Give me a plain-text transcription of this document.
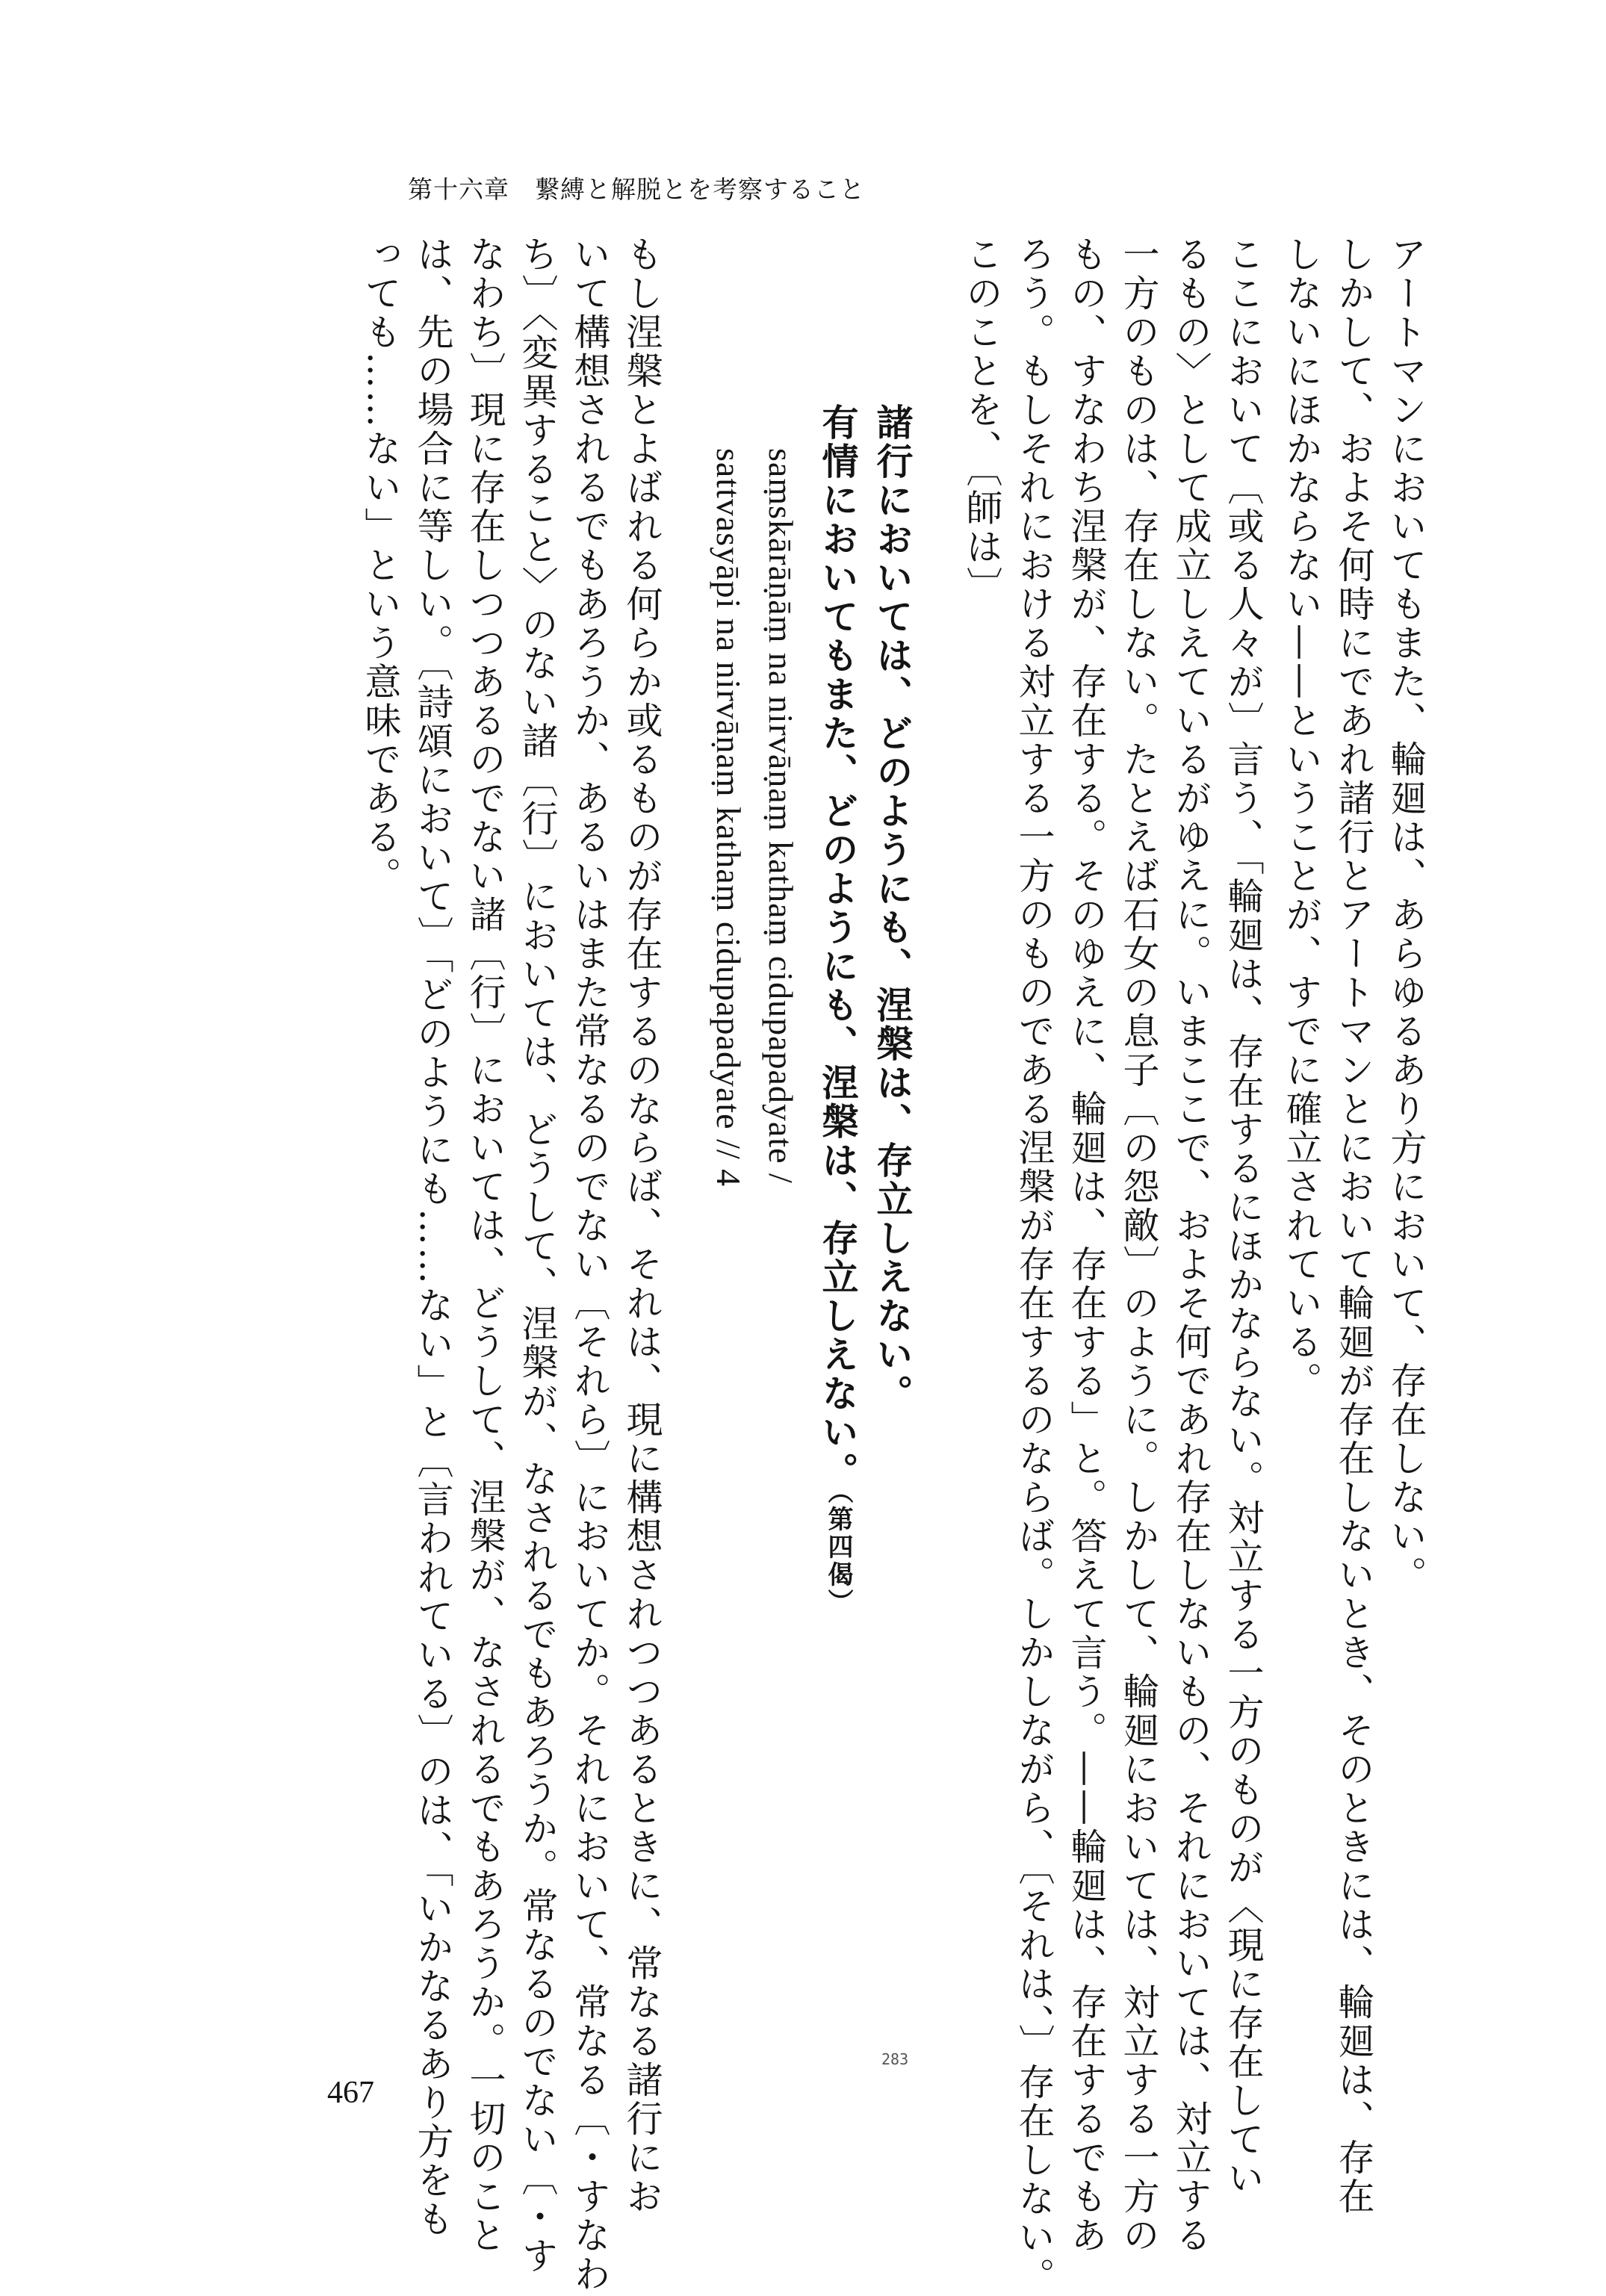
第十六章　繋縛と解脱とを考察すること
アートマンにおいてもまた、輪廻は、あらゆるあり方において、存在しない。
しかして、およそ何時にであれ諸行とアートマンとにおいて輪廻が存在しないとき、そのときには、輪廻は、存在
しないにほかならない——ということが、すでに確立されている。
ここにおいて〔或る人々が〕言う、「輪廻は、存在するにほかならない。対立する一方のものが〈現に存在してい
るもの〉として成立しえているがゆえに。いまここで、およそ何であれ存在しないもの、それにおいては、対立する
一方のものは、存在しない。たとえば石女の息子〔の怨敵〕のように。しかして、輪廻においては、対立する一方の
もの、すなわち涅槃が、存在する。そのゆえに、輪廻は、存在する」と。答えて言う。——輪廻は、存在するでもあ
ろう。もしそれにおける対立する一方のものである涅槃が存在するのならば。しかしながら、〔それは、〕存在しない。
このことを、〔師は〕
諸行においては、どのようにも、涅槃は、存立しえない。
有情においてもまた、どのようにも、涅槃は、存立しえない。（第四偈）
saṃskārāṇāṃ na nirvāṇaṃ kathaṃ cidupapadyate /
sattvasyāpi na nirvāṇaṃ kathaṃ cidupapadyate // 4
もし涅槃とよばれる何らか或るものが存在するのならば、それは、現に構想されつつあるときに、常なる諸行にお
いて構想されるでもあろうか、あるいはまた常なるのでない〔それら〕においてか。それにおいて、常なる〔・すなわ
ち〕〈変異すること〉のない諸〔行〕においては、どうして、涅槃が、なされるでもあろうか。常なるのでない〔・す
なわち〕現に存在しつつあるのでない諸〔行〕においては、どうして、涅槃が、なされるでもあろうか。一切のこと
は、先の場合に等しい。〔詩頌において〕「どのようにも……ない」と〔言われている〕のは、「いかなるあり方をも
っても……ない」という意味である。
283
467
